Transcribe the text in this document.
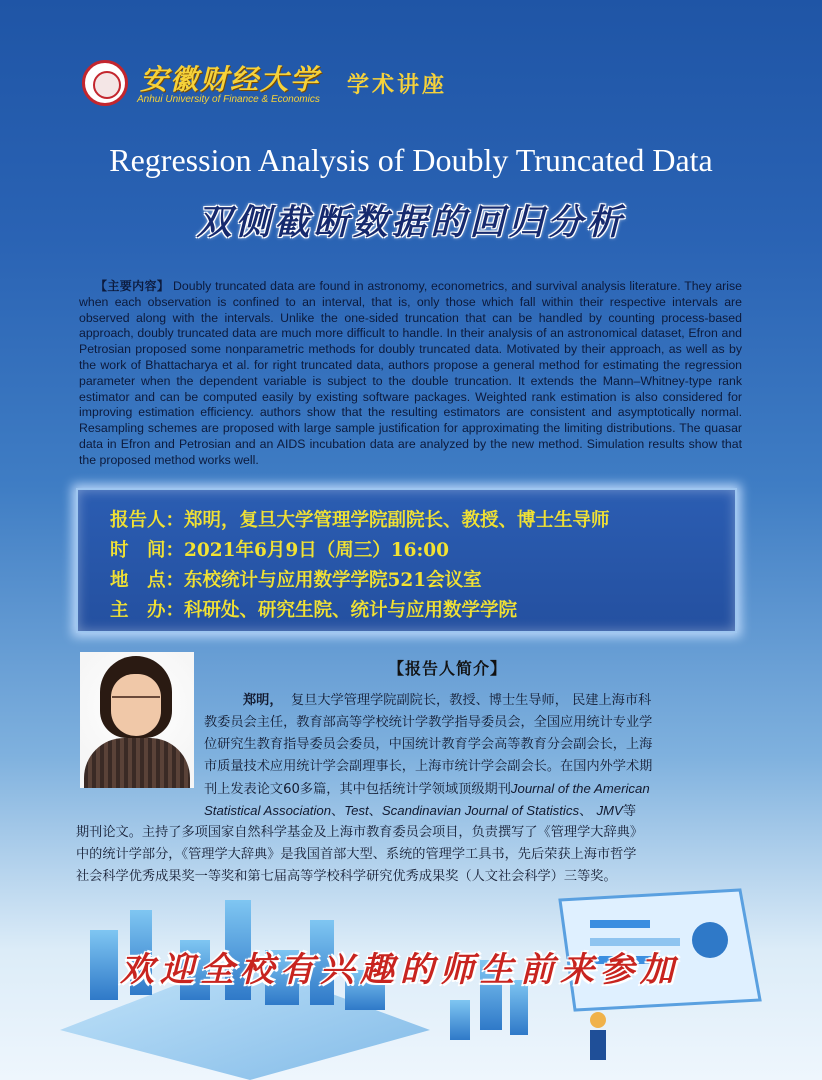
安徽财经大学
Anhui University of Finance & Economics
学术讲座
Regression Analysis of Doubly Truncated Data
双侧截断数据的回归分析
【主要内容】 Doubly truncated data are found in astronomy, econometrics, and survival analysis literature. They arise when each observation is confined to an interval, that is, only those which fall within their respective intervals are observed along with the intervals. Unlike the one-sided truncation that can be handled by counting process-based approach, doubly truncated data are much more difficult to handle. In their analysis of an astronomical dataset, Efron and Petrosian proposed some nonparametric methods for doubly truncated data. Motivated by their approach, as well as by the work of Bhattacharya et al. for right truncated data, authors propose a general method for estimating the regression parameter when the dependent variable is subject to the double truncation. It extends the Mann–Whitney-type rank estimator and can be computed easily by existing software packages. Weighted rank estimation is also considered for improving estimation efficiency. authors show that the resulting estimators are consistent and asymptotically normal. Resampling schemes are proposed with large sample justification for approximating the limiting distributions. The quasar data in Efron and Petrosian and an AIDS incubation data are analyzed by the new method. Simulation results show that the proposed method works well.
报告人：郑明，复旦大学管理学院副院长、教授、博士生导师
时　间：2021年6月9日（周三）16:00
地　点：东校统计与应用数学学院521会议室
主　办：科研处、研究生院、统计与应用数学学院
【报告人简介】
郑明， 复旦大学管理学院副院长，教授、博士生导师， 民建上海市科
教委员会主任，教育部高等学校统计学教学指导委员会，全国应用统计专业学
位研究生教育指导委员会委员，中国统计教育学会高等教育分会副会长，上海
市质量技术应用统计学会副理事长，上海市统计学会副会长。在国内外学术期
刊上发表论文60多篇，其中包括统计学领域顶级期刊Journal of the American
Statistical Association、Test、Scandinavian Journal of Statistics、 JMV等
期刊论文。主持了多项国家自然科学基金及上海市教育委员会项目，负责撰写了《管理学大辞典》
中的统计学部分，《管理学大辞典》是我国首部大型、系统的管理学工具书，先后荣获上海市哲学
社会科学优秀成果奖一等奖和第七届高等学校科学研究优秀成果奖（人文社会科学）三等奖。
欢迎全校有兴趣的师生前来参加
